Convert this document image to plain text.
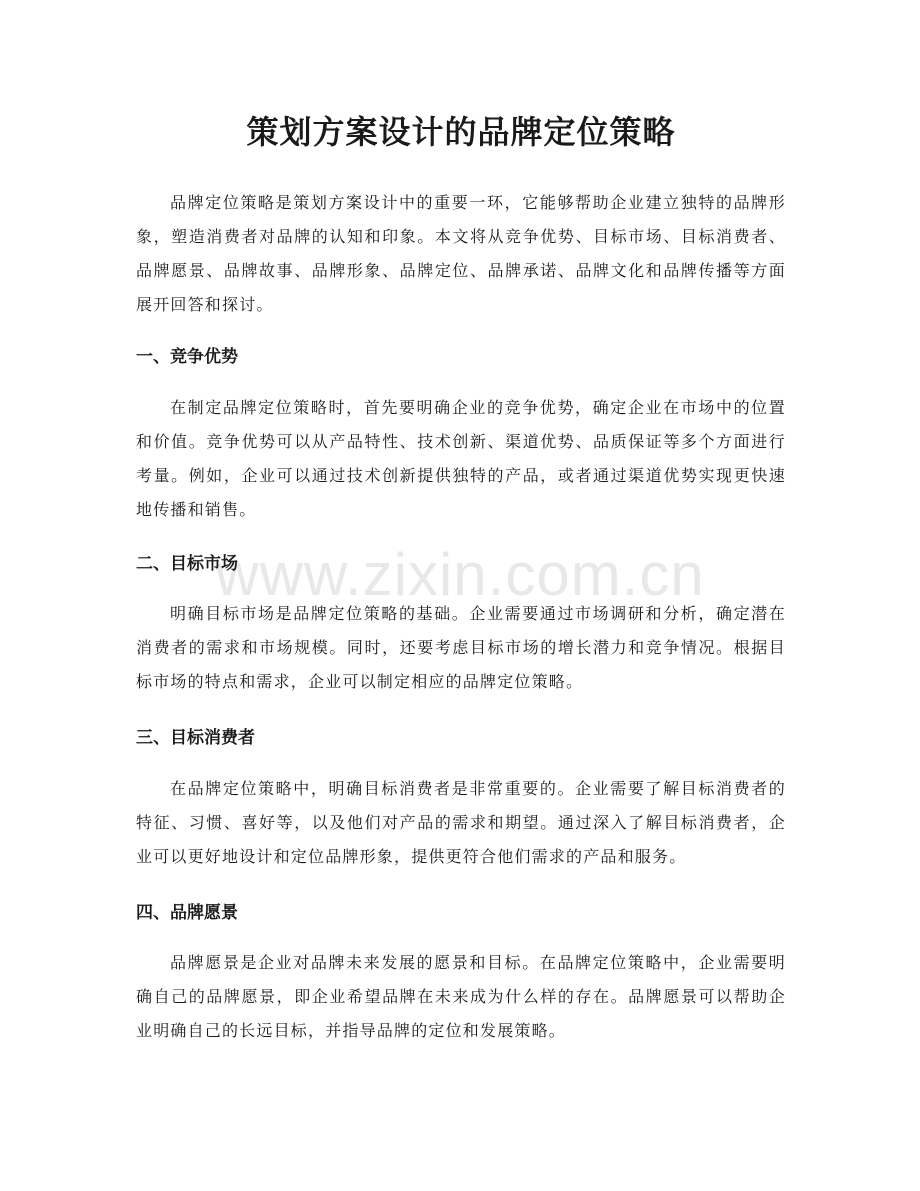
www.zixin.com.cn
策划方案设计的品牌定位策略

品牌定位策略是策划方案设计中的重要一环，它能够帮助企业建立独特的品牌形象，塑造消费者对品牌的认知和印象。本文将从竞争优势、目标市场、目标消费者、品牌愿景、品牌故事、品牌形象、品牌定位、品牌承诺、品牌文化和品牌传播等方面展开回答和探讨。

一、竞争优势

在制定品牌定位策略时，首先要明确企业的竞争优势，确定企业在市场中的位置和价值。竞争优势可以从产品特性、技术创新、渠道优势、品质保证等多个方面进行考量。例如，企业可以通过技术创新提供独特的产品，或者通过渠道优势实现更快速地传播和销售。

二、目标市场

明确目标市场是品牌定位策略的基础。企业需要通过市场调研和分析，确定潜在消费者的需求和市场规模。同时，还要考虑目标市场的增长潜力和竞争情况。根据目标市场的特点和需求，企业可以制定相应的品牌定位策略。

三、目标消费者

在品牌定位策略中，明确目标消费者是非常重要的。企业需要了解目标消费者的特征、习惯、喜好等，以及他们对产品的需求和期望。通过深入了解目标消费者，企业可以更好地设计和定位品牌形象，提供更符合他们需求的产品和服务。

四、品牌愿景

品牌愿景是企业对品牌未来发展的愿景和目标。在品牌定位策略中，企业需要明确自己的品牌愿景，即企业希望品牌在未来成为什么样的存在。品牌愿景可以帮助企业明确自己的长远目标，并指导品牌的定位和发展策略。
